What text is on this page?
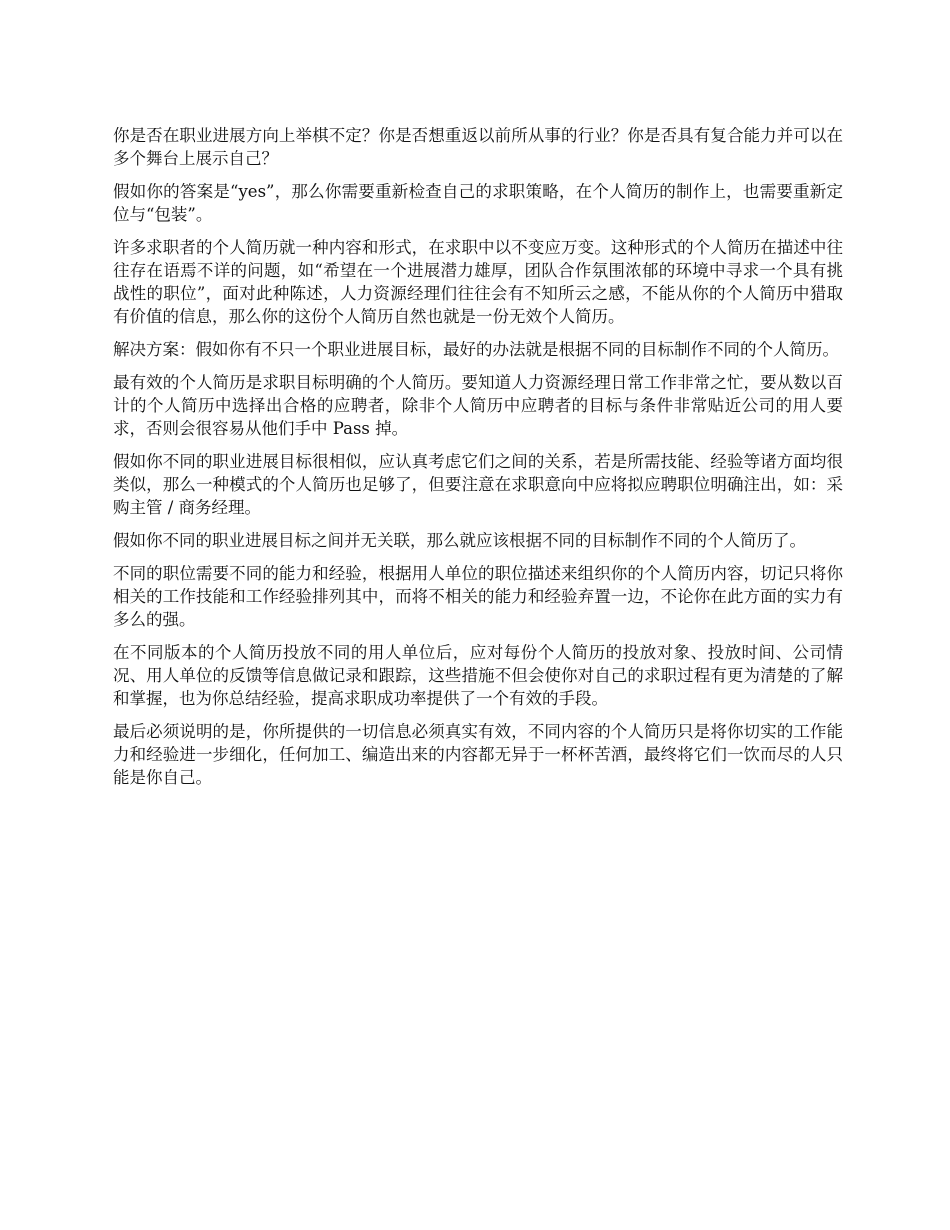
你是否在职业进展方向上举棋不定？你是否想重返以前所从事的行业？你是否具有复合能力并可以在多个舞台上展示自己？

假如你的答案是“yes”，那么你需要重新检查自己的求职策略，在个人简历的制作上，也需要重新定位与“包装”。

许多求职者的个人简历就一种内容和形式，在求职中以不变应万变。这种形式的个人简历在描述中往往存在语焉不详的问题，如“希望在一个进展潜力雄厚，团队合作氛围浓郁的环境中寻求一个具有挑战性的职位”，面对此种陈述，人力资源经理们往往会有不知所云之感，不能从你的个人简历中猎取有价值的信息，那么你的这份个人简历自然也就是一份无效个人简历。

解决方案：假如你有不只一个职业进展目标，最好的办法就是根据不同的目标制作不同的个人简历。

最有效的个人简历是求职目标明确的个人简历。要知道人力资源经理日常工作非常之忙，要从数以百计的个人简历中选择出合格的应聘者，除非个人简历中应聘者的目标与条件非常贴近公司的用人要求，否则会很容易从他们手中 Pass 掉。

假如你不同的职业进展目标很相似，应认真考虑它们之间的关系，若是所需技能、经验等诸方面均很类似，那么一种模式的个人简历也足够了，但要注意在求职意向中应将拟应聘职位明确注出，如：采购主管 / 商务经理。

假如你不同的职业进展目标之间并无关联，那么就应该根据不同的目标制作不同的个人简历了。

不同的职位需要不同的能力和经验，根据用人单位的职位描述来组织你的个人简历内容，切记只将你相关的工作技能和工作经验排列其中，而将不相关的能力和经验弃置一边，不论你在此方面的实力有多么的强。

在不同版本的个人简历投放不同的用人单位后，应对每份个人简历的投放对象、投放时间、公司情况、用人单位的反馈等信息做记录和跟踪，这些措施不但会使你对自己的求职过程有更为清楚的了解和掌握，也为你总结经验，提高求职成功率提供了一个有效的手段。

最后必须说明的是，你所提供的一切信息必须真实有效，不同内容的个人简历只是将你切实的工作能力和经验进一步细化，任何加工、编造出来的内容都无异于一杯杯苦酒，最终将它们一饮而尽的人只能是你自己。
